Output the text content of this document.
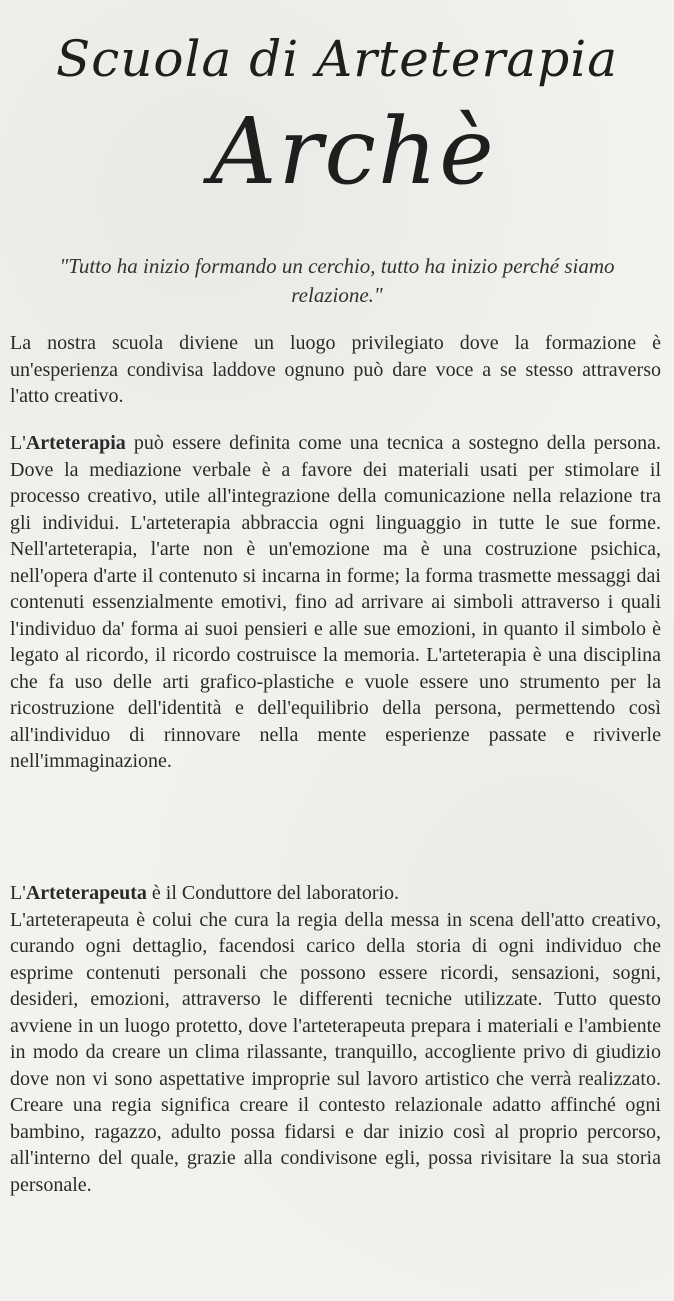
Scuola di Arteterapia
Archè
"Tutto ha inizio formando un cerchio, tutto ha inizio perché siamo relazione."

La nostra scuola diviene un luogo privilegiato dove la formazione è un'esperienza condivisa laddove ognuno può dare voce a se stesso attraverso l'atto creativo.

L'Arteterapia può essere definita come una tecnica a sostegno della persona. Dove la mediazione verbale è a favore dei materiali usati per stimolare il processo creativo, utile all'integrazione della comunicazione nella relazione tra gli individui. L'arteterapia abbraccia ogni linguaggio in tutte le sue forme. Nell'arteterapia, l'arte non è un'emozione ma è una costruzione psichica, nell'opera d'arte il contenuto si incarna in forme; la forma trasmette messaggi dai contenuti essenzialmente emotivi, fino ad arrivare ai simboli attraverso i quali l'individuo da' forma ai suoi pensieri e alle sue emozioni, in quanto il simbolo è legato al ricordo, il ricordo costruisce la memoria. L'arteterapia è una disciplina che fa uso delle arti grafico-plastiche e vuole essere uno strumento per la ricostruzione dell'identità e dell'equilibrio della persona, permettendo così all'individuo di rinnovare nella mente esperienze passate e riviverle nell'immaginazione.

L'Arteterapeuta è il Conduttore del laboratorio.

L'arteterapeuta è colui che cura la regia della messa in scena dell'atto creativo, curando ogni dettaglio, facendosi carico della storia di ogni individuo che esprime contenuti personali che possono essere ricordi, sensazioni, sogni, desideri, emozioni, attraverso le differenti tecniche utilizzate. Tutto questo avviene in un luogo protetto, dove l'arteterapeuta prepara i materiali e l'ambiente in modo da creare un clima rilassante, tranquillo, accogliente privo di giudizio dove non vi sono aspettative improprie sul lavoro artistico che verrà realizzato. Creare una regia significa creare il contesto relazionale adatto affinché ogni bambino, ragazzo, adulto possa fidarsi e dar inizio così al proprio percorso, all'interno del quale, grazie alla condivisone egli, possa rivisitare la sua storia personale.
